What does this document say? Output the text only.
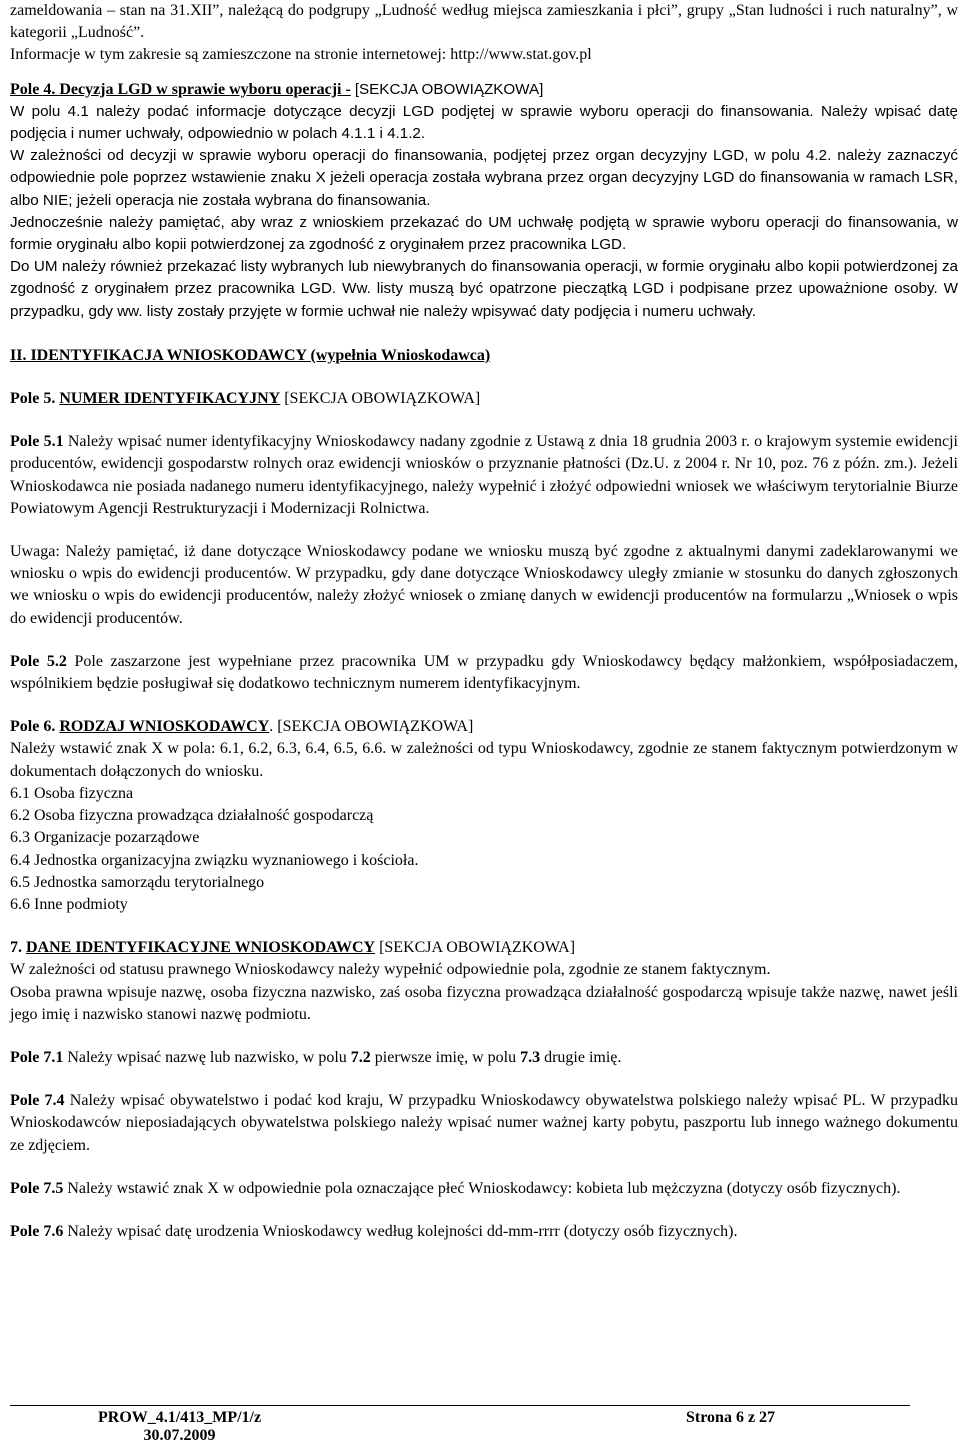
zameldowania – stan na 31.XII”, należącą do podgrupy „Ludność według miejsca zamieszkania i płci”, grupy „Stan ludności i ruch naturalny”, w kategorii „Ludność”.

Informacje w tym zakresie są zamieszczone na stronie internetowej: http://www.stat.gov.pl

Pole 4. Decyzja LGD w sprawie wyboru operacji - [SEKCJA OBOWIĄZKOWA]

W polu 4.1 należy podać informacje dotyczące decyzji LGD podjętej w sprawie wyboru operacji do finansowania. Należy wpisać datę podjęcia i numer uchwały, odpowiednio w polach 4.1.1 i 4.1.2.

W zależności od decyzji w sprawie wyboru operacji do finansowania, podjętej przez organ decyzyjny LGD, w polu 4.2. należy zaznaczyć odpowiednie pole poprzez wstawienie znaku X jeżeli operacja została wybrana przez organ decyzyjny LGD do finansowania w ramach LSR, albo NIE; jeżeli operacja nie została wybrana do finansowania.

Jednocześnie należy pamiętać, aby wraz z wnioskiem przekazać do UM uchwałę podjętą w sprawie wyboru operacji do finansowania, w formie oryginału albo kopii potwierdzonej za zgodność z oryginałem przez pracownika LGD.

Do UM należy również przekazać listy wybranych lub niewybranych do finansowania operacji, w formie oryginału albo kopii potwierdzonej za zgodność z oryginałem przez pracownika LGD. Ww. listy muszą być opatrzone pieczątką LGD i podpisane przez upoważnione osoby. W przypadku, gdy ww. listy zostały przyjęte w formie uchwał nie należy wpisywać daty podjęcia i numeru uchwały.

II. IDENTYFIKACJA WNIOSKODAWCY (wypełnia Wnioskodawca)

Pole 5. NUMER IDENTYFIKACYJNY [SEKCJA OBOWIĄZKOWA]

Pole 5.1 Należy wpisać numer identyfikacyjny Wnioskodawcy nadany zgodnie z Ustawą z dnia 18 grudnia 2003 r. o krajowym systemie ewidencji producentów, ewidencji gospodarstw rolnych oraz ewidencji wniosków o przyznanie płatności (Dz.U. z 2004 r. Nr 10, poz. 76 z późn. zm.). Jeżeli Wnioskodawca nie posiada nadanego numeru identyfikacyjnego, należy wypełnić i złożyć odpowiedni wniosek we właściwym terytorialnie Biurze Powiatowym Agencji Restrukturyzacji i Modernizacji Rolnictwa.

Uwaga: Należy pamiętać, iż dane dotyczące Wnioskodawcy podane we wniosku muszą być zgodne z aktualnymi danymi zadeklarowanymi we wniosku o wpis do ewidencji producentów. W przypadku, gdy dane dotyczące Wnioskodawcy uległy zmianie w stosunku do danych zgłoszonych we wniosku o wpis do ewidencji producentów, należy złożyć wniosek o zmianę danych w ewidencji producentów na formularzu „Wniosek o wpis do ewidencji producentów.

Pole 5.2 Pole zaszarzone jest wypełniane przez pracownika UM w przypadku gdy Wnioskodawcy będący małżonkiem, współposiadaczem, wspólnikiem będzie posługiwał się dodatkowo technicznym numerem identyfikacyjnym.

Pole 6. RODZAJ WNIOSKODAWCY. [SEKCJA OBOWIĄZKOWA]

Należy wstawić znak X w pola: 6.1, 6.2, 6.3, 6.4, 6.5, 6.6. w zależności od typu Wnioskodawcy, zgodnie ze stanem faktycznym potwierdzonym w dokumentach dołączonych do wniosku.

6.1 Osoba fizyczna

6.2 Osoba fizyczna prowadząca działalność gospodarczą

6.3 Organizacje pozarządowe

6.4 Jednostka organizacyjna związku wyznaniowego i kościoła.

6.5 Jednostka samorządu terytorialnego

6.6 Inne podmioty

7. DANE IDENTYFIKACYJNE WNIOSKODAWCY [SEKCJA OBOWIĄZKOWA]

W zależności od statusu prawnego Wnioskodawcy należy wypełnić odpowiednie pola, zgodnie ze stanem faktycznym.

Osoba prawna wpisuje nazwę, osoba fizyczna nazwisko, zaś osoba fizyczna prowadząca działalność gospodarczą wpisuje także nazwę, nawet jeśli jego imię i nazwisko stanowi nazwę podmiotu.

Pole 7.1 Należy wpisać nazwę lub nazwisko, w polu 7.2 pierwsze imię, w polu 7.3 drugie imię.

Pole 7.4 Należy wpisać obywatelstwo i podać kod kraju, W przypadku Wnioskodawcy obywatelstwa polskiego należy wpisać PL. W przypadku Wnioskodawców nieposiadających obywatelstwa polskiego należy wpisać numer ważnej karty pobytu, paszportu lub innego ważnego dokumentu ze zdjęciem.

Pole 7.5 Należy wstawić znak X w odpowiednie pola oznaczające płeć Wnioskodawcy: kobieta lub mężczyzna (dotyczy osób fizycznych).

Pole 7.6 Należy wpisać datę urodzenia Wnioskodawcy według kolejności dd-mm-rrrr (dotyczy osób fizycznych).

PROW_4.1/413_MP/1/z
30.07.2009
Strona 6 z 27
